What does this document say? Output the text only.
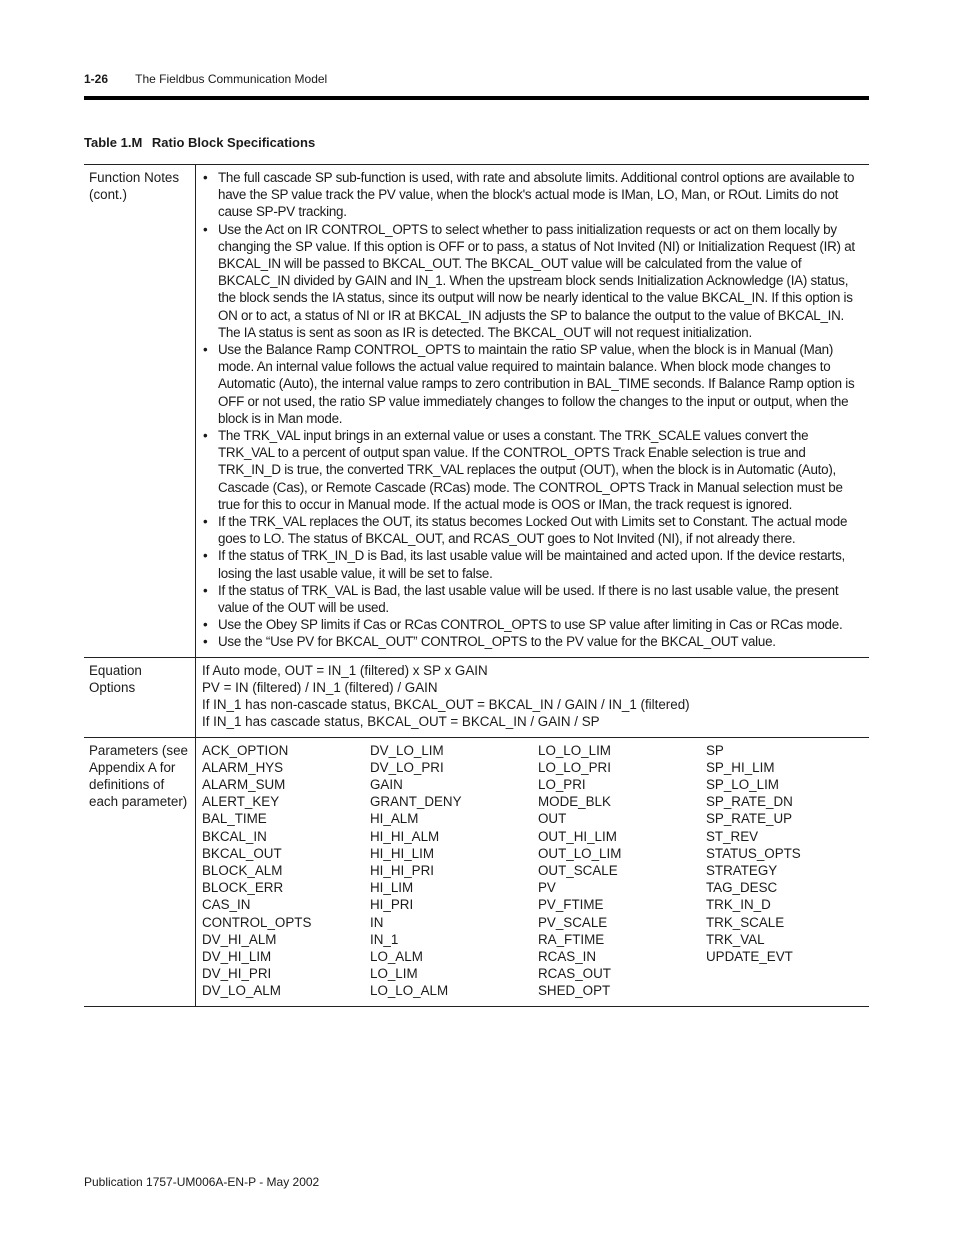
1-26 The Fieldbus Communication Model
Table 1.M Ratio Block Specifications
Function Notes (cont.)
• The full cascade SP sub-function is used, with rate and absolute limits. Additional control options are available to have the SP value track the PV value, when the block's actual mode is IMan, LO, Man, or ROut. Limits do not cause SP-PV tracking.
• Use the Act on IR CONTROL_OPTS to select whether to pass initialization requests or act on them locally by changing the SP value. If this option is OFF or to pass, a status of Not Invited (NI) or Initialization Request (IR) at BKCAL_IN will be passed to BKCAL_OUT. The BKCAL_OUT value will be calculated from the value of BKCALC_IN divided by GAIN and IN_1. When the upstream block sends Initialization Acknowledge (IA) status, the block sends the IA status, since its output will now be nearly identical to the value BKCAL_IN. If this option is ON or to act, a status of NI or IR at BKCAL_IN adjusts the SP to balance the output to the value of BKCAL_IN. The IA status is sent as soon as IR is detected. The BKCAL_OUT will not request initialization.
• Use the Balance Ramp CONTROL_OPTS to maintain the ratio SP value, when the block is in Manual (Man) mode. An internal value follows the actual value required to maintain balance. When block mode changes to Automatic (Auto), the internal value ramps to zero contribution in BAL_TIME seconds. If Balance Ramp option is OFF or not used, the ratio SP value immediately changes to follow the changes to the input or output, when the block is in Man mode.
• The TRK_VAL input brings in an external value or uses a constant. The TRK_SCALE values convert the TRK_VAL to a percent of output span value. If the CONTROL_OPTS Track Enable selection is true and TRK_IN_D is true, the converted TRK_VAL replaces the output (OUT), when the block is in Automatic (Auto), Cascade (Cas), or Remote Cascade (RCas) mode. The CONTROL_OPTS Track in Manual selection must be true for this to occur in Manual mode. If the actual mode is OOS or IMan, the track request is ignored.
• If the TRK_VAL replaces the OUT, its status becomes Locked Out with Limits set to Constant. The actual mode goes to LO. The status of BKCAL_OUT, and RCAS_OUT goes to Not Invited (NI), if not already there.
• If the status of TRK_IN_D is Bad, its last usable value will be maintained and acted upon. If the device restarts, losing the last usable value, it will be set to false.
• If the status of TRK_VAL is Bad, the last usable value will be used. If there is no last usable value, the present value of the OUT will be used.
• Use the Obey SP limits if Cas or RCas CONTROL_OPTS to use SP value after limiting in Cas or RCas mode.
• Use the “Use PV for BKCAL_OUT” CONTROL_OPTS to the PV value for the BKCAL_OUT value.
Equation Options
If Auto mode, OUT = IN_1 (filtered) x SP x GAIN
PV = IN (filtered) / IN_1 (filtered) / GAIN
If IN_1 has non-cascade status, BKCAL_OUT = BKCAL_IN / GAIN / IN_1 (filtered)
If IN_1 has cascade status, BKCAL_OUT = BKCAL_IN / GAIN / SP
Parameters (see Appendix A for definitions of each parameter)
ACK_OPTION
ALARM_HYS
ALARM_SUM
ALERT_KEY
BAL_TIME
BKCAL_IN
BKCAL_OUT
BLOCK_ALM
BLOCK_ERR
CAS_IN
CONTROL_OPTS
DV_HI_ALM
DV_HI_LIM
DV_HI_PRI
DV_LO_ALM
DV_LO_LIM
DV_LO_PRI
GAIN
GRANT_DENY
HI_ALM
HI_HI_ALM
HI_HI_LIM
HI_HI_PRI
HI_LIM
HI_PRI
IN
IN_1
LO_ALM
LO_LIM
LO_LO_ALM
LO_LO_LIM
LO_LO_PRI
LO_PRI
MODE_BLK
OUT
OUT_HI_LIM
OUT_LO_LIM
OUT_SCALE
PV
PV_FTIME
PV_SCALE
RA_FTIME
RCAS_IN
RCAS_OUT
SHED_OPT
SP
SP_HI_LIM
SP_LO_LIM
SP_RATE_DN
SP_RATE_UP
ST_REV
STATUS_OPTS
STRATEGY
TAG_DESC
TRK_IN_D
TRK_SCALE
TRK_VAL
UPDATE_EVT
Publication 1757-UM006A-EN-P - May 2002
